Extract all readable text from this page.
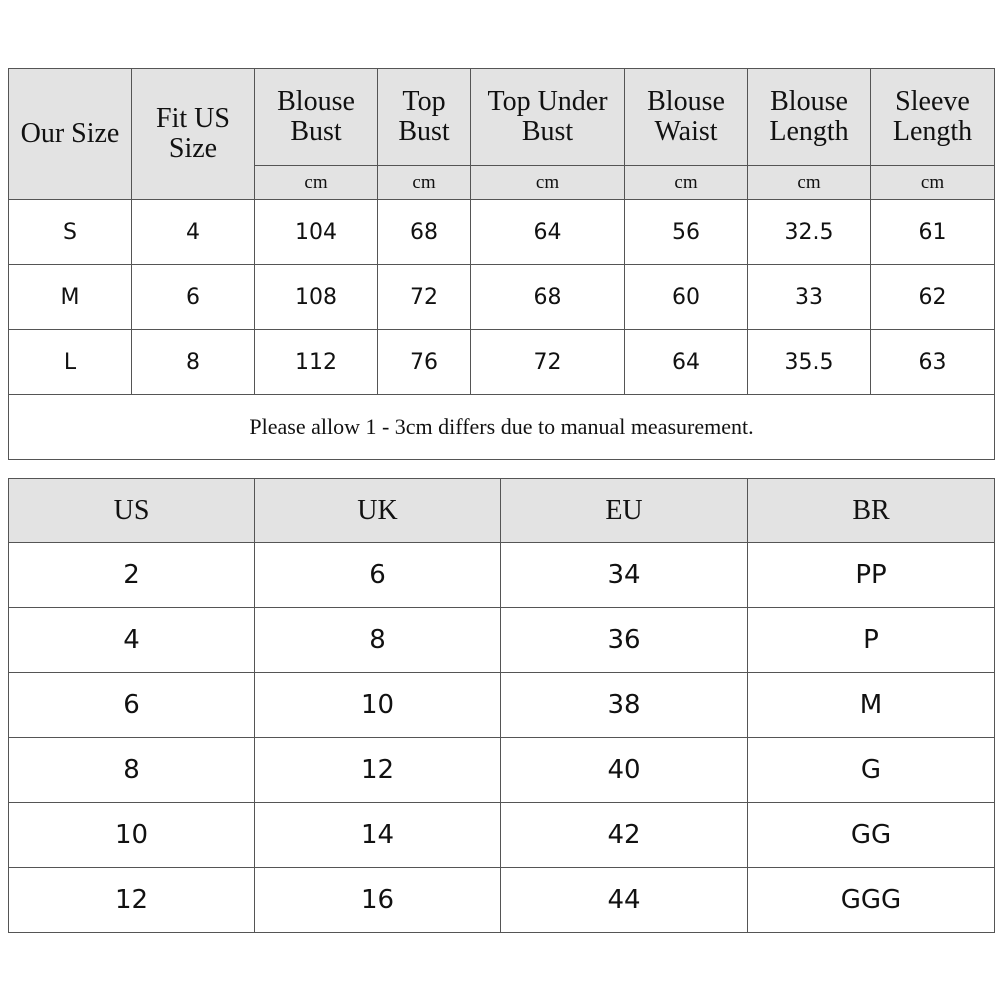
Our Size	Fit US Size	Blouse Bust	Top Bust	Top Under Bust	Blouse Waist	Blouse Length	Sleeve Length
		cm	cm	cm	cm	cm	cm
S	4	104	68	64	56	32.5	61
M	6	108	72	68	60	33	62
L	8	112	76	72	64	35.5	63
Please allow 1 - 3cm differs due to manual measurement.							
US	UK	EU	BR
2	6	34	PP
4	8	36	P
6	10	38	M
8	12	40	G
10	14	42	GG
12	16	44	GGG
